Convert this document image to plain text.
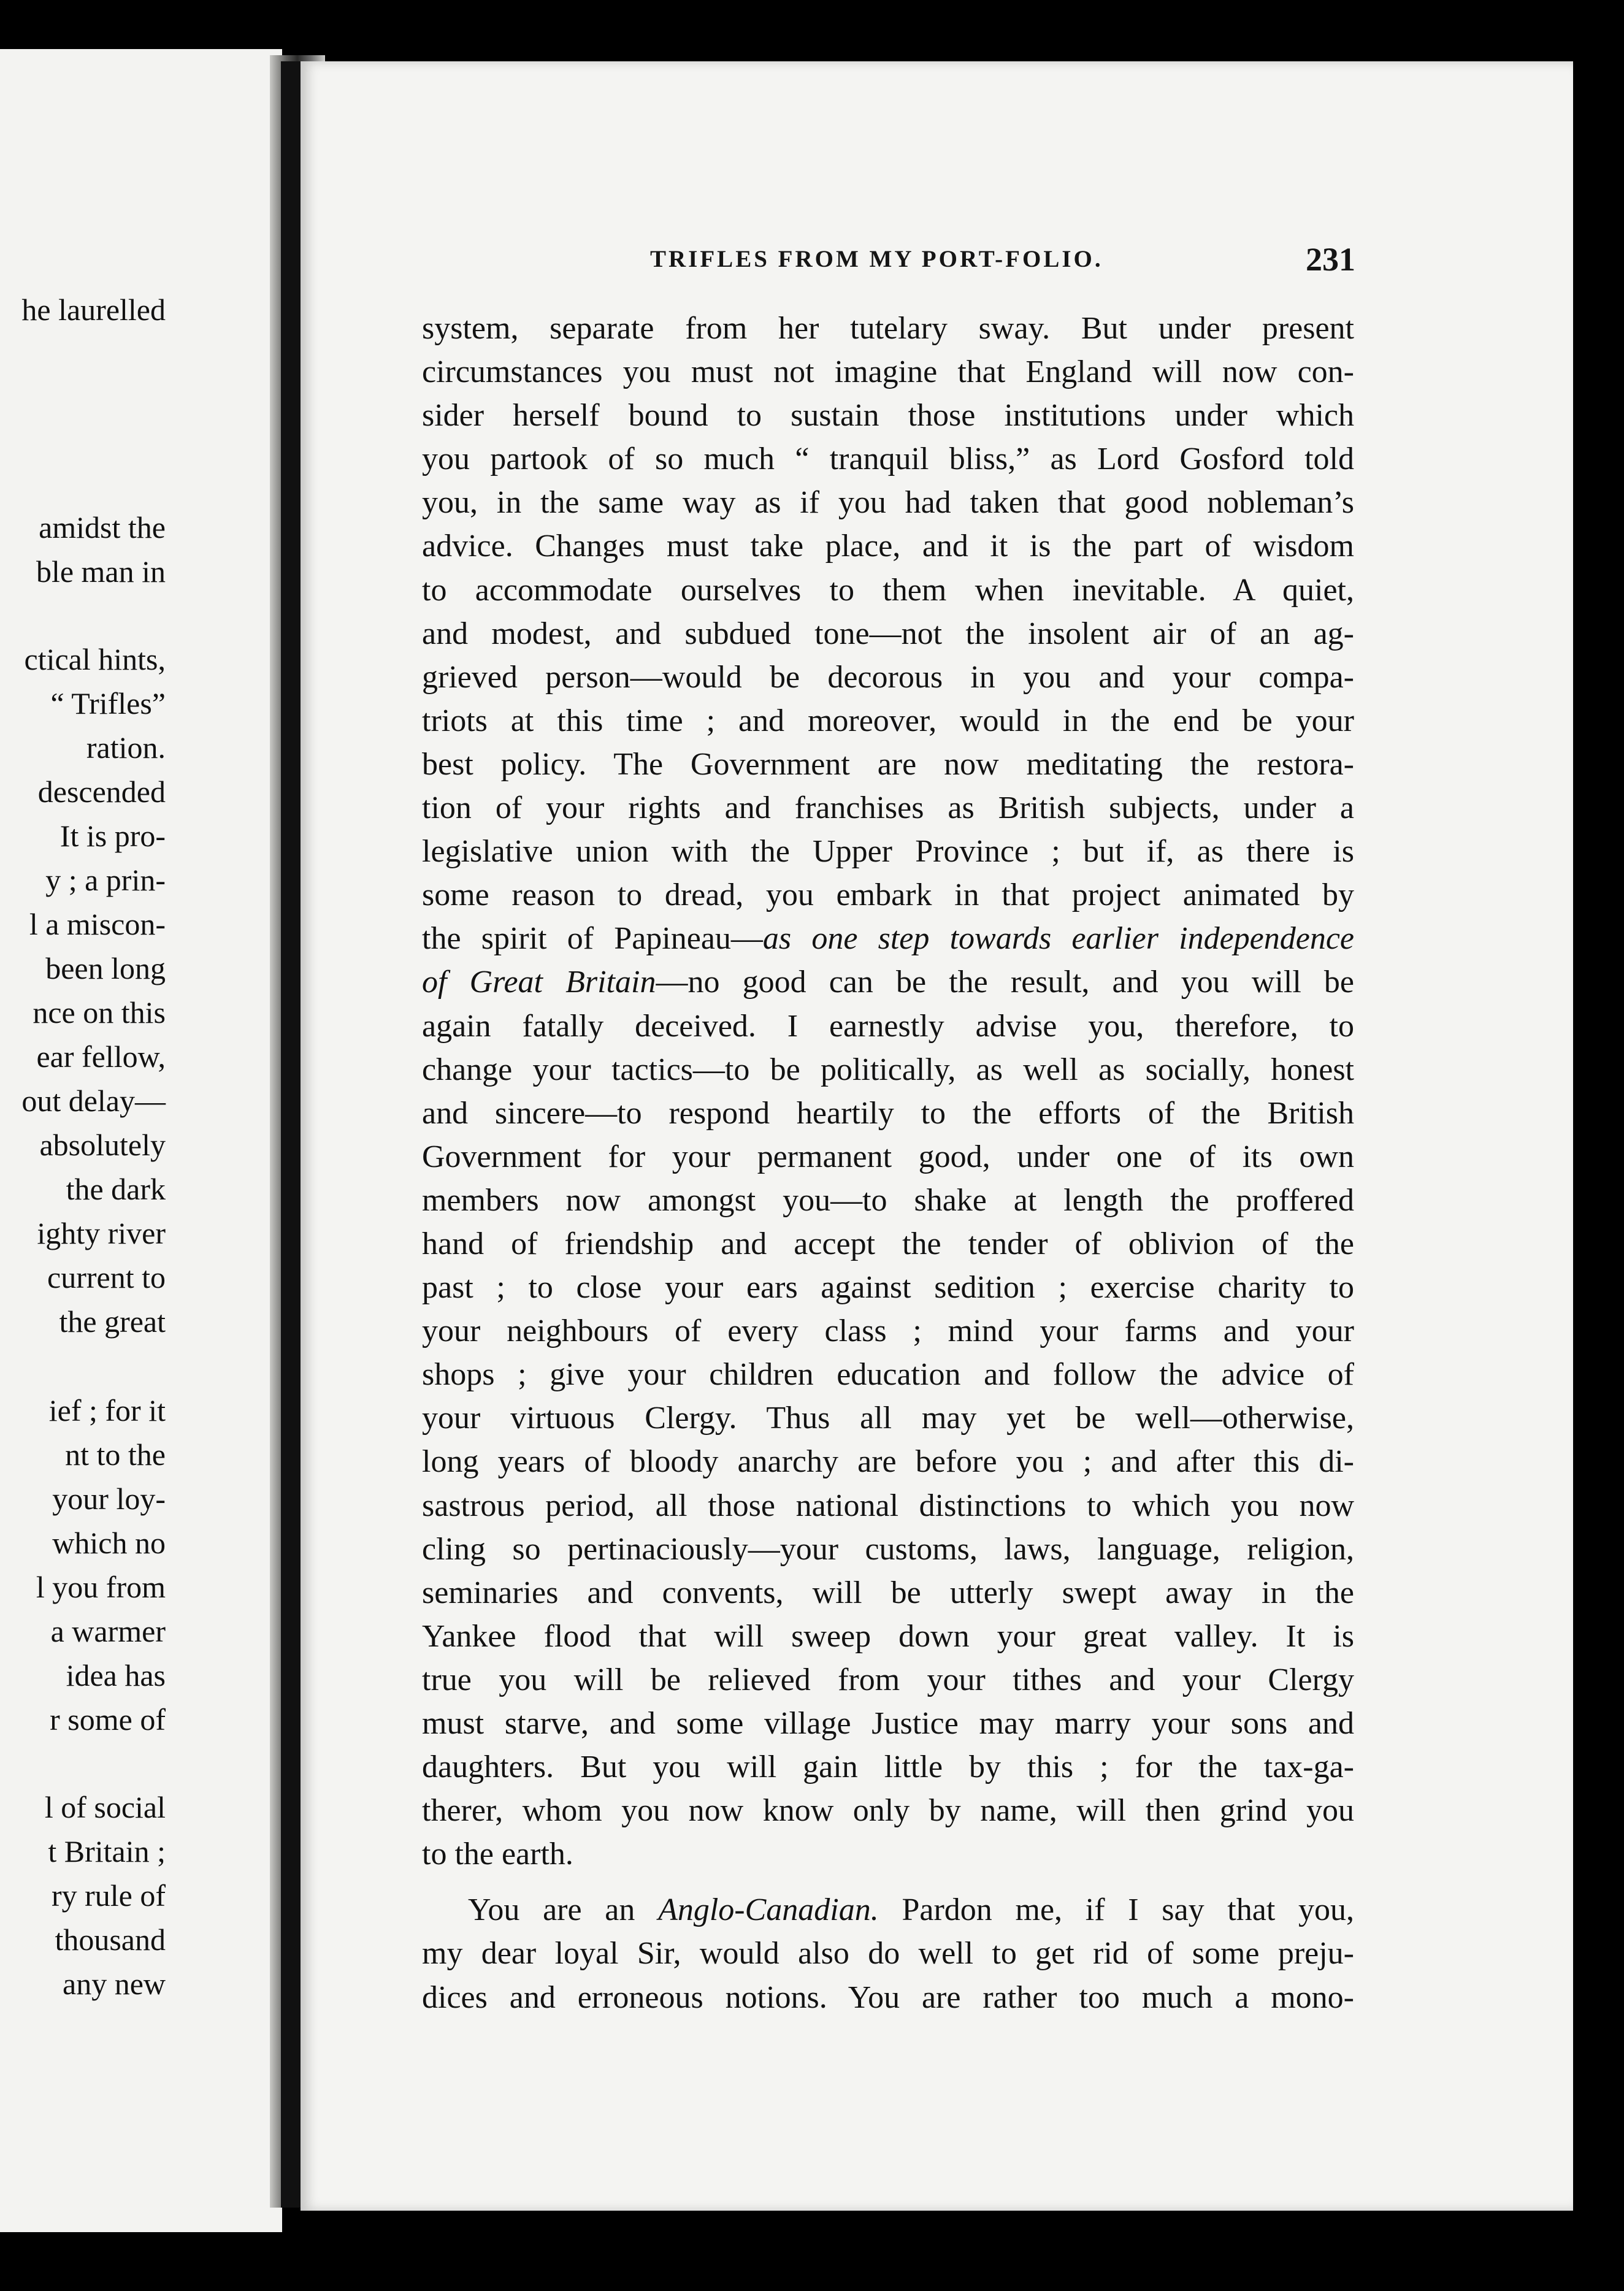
he laurelled

amidst the
ble man in
ctical hints,
“ Trifles”
ration.
descended
It is pro-
y ; a prin-
l a miscon-
been long
nce on this
ear fellow,
out delay—
absolutely
the dark
ighty river
current to
the great
ief ; for it
nt to the
your loy-
which no
l you from
a warmer
idea has
r some of
l of social
t Britain ;
ry rule of
thousand
any new
TRIFLES FROM MY PORT-FOLIO.	231
system, separate from her tutelary sway. But under present
circumstances you must not imagine that England will now con-
sider herself bound to sustain those institutions under which
you partook of so much “ tranquil bliss,” as Lord Gosford told
you, in the same way as if you had taken that good nobleman’s
advice. Changes must take place, and it is the part of wisdom
to accommodate ourselves to them when inevitable. A quiet,
and modest, and subdued tone—not the insolent air of an ag-
grieved person—would be decorous in you and your compa-
triots at this time ; and moreover, would in the end be your
best policy. The Government are now meditating the restora-
tion of your rights and franchises as British subjects, under a
legislative union with the Upper Province ; but if, as there is
some reason to dread, you embark in that project animated by
the spirit of Papineau—as one step towards earlier independence
of Great Britain—no good can be the result, and you will be
again fatally deceived. I earnestly advise you, therefore, to
change your tactics—to be politically, as well as socially, honest
and sincere—to respond heartily to the efforts of the British
Government for your permanent good, under one of its own
members now amongst you—to shake at length the proffered
hand of friendship and accept the tender of oblivion of the
past ; to close your ears against sedition ; exercise charity to
your neighbours of every class ; mind your farms and your
shops ; give your children education and follow the advice of
your virtuous Clergy. Thus all may yet be well—otherwise,
long years of bloody anarchy are before you ; and after this di-
sastrous period, all those national distinctions to which you now
cling so pertinaciously—your customs, laws, language, religion,
seminaries and convents, will be utterly swept away in the
Yankee flood that will sweep down your great valley. It is
true you will be relieved from your tithes and your Clergy
must starve, and some village Justice may marry your sons and
daughters. But you will gain little by this ; for the tax-ga-
therer, whom you now know only by name, will then grind you
to the earth.
You are an Anglo-Canadian. Pardon me, if I say that you,
my dear loyal Sir, would also do well to get rid of some preju-
dices and erroneous notions. You are rather too much a mono-
